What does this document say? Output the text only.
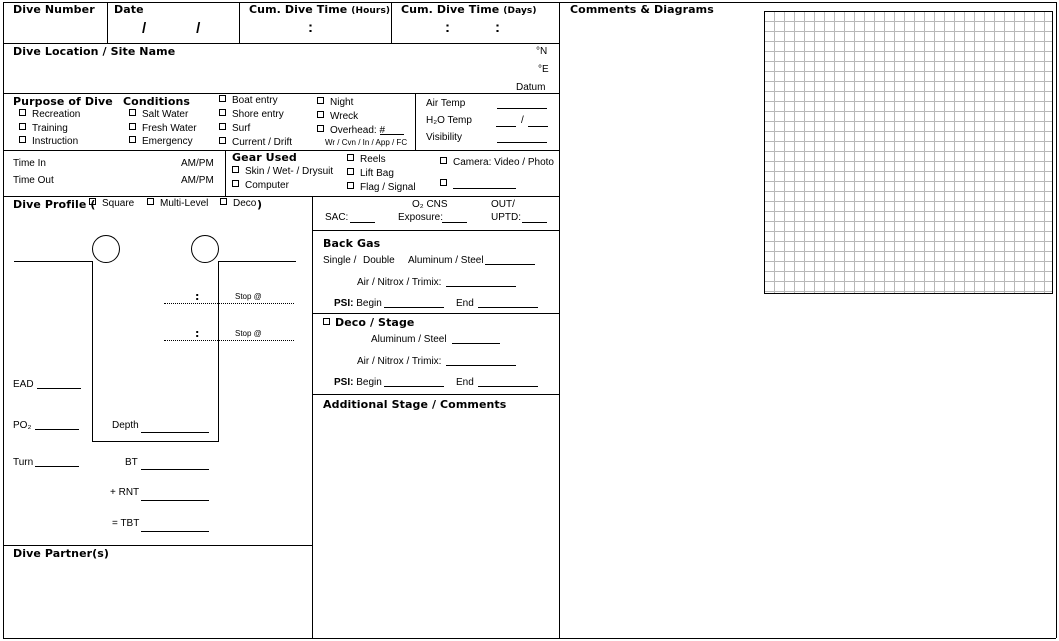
Dive Number Date
/            /
Cum. Dive Time (Hours)
:
Cum. Dive Time (Days)
:	:
Dive Location / Site Name	°N
°E
Datum
Purpose of Dive
Recreation
Training
Instruction
Conditions
Salt Water
Fresh Water
Emergency
Boat entry
Shore entry
Surf
Current / Drift
Night
Wreck
Overhead: #
Wr / Cvn / In / App / FC
Air Temp
H₂O Temp	/
Visibility
Time In	AM/PM
Time Out	AM/PM
Gear Used
Skin / Wet- / Drysuit
Computer
Reels
Lift Bag
Flag / Signal
Camera: Video / Photo
Dive Profile ( Square	Multi-Level	Deco )
:	Stop @
:	Stop @
EAD
PO₂	Depth
Turn	BT
+ RNT
= TBT
SAC:
O₂ CNS
Exposure:
OUT/
UPTD:
Back Gas
Single / Double Aluminum / Steel
Air / Nitrox / Trimix:
PSI: Begin	End
Deco / Stage
Aluminum / Steel
Air / Nitrox / Trimix:
PSI: Begin	End
Additional Stage / Comments
Dive Partner(s)
Comments & Diagrams
